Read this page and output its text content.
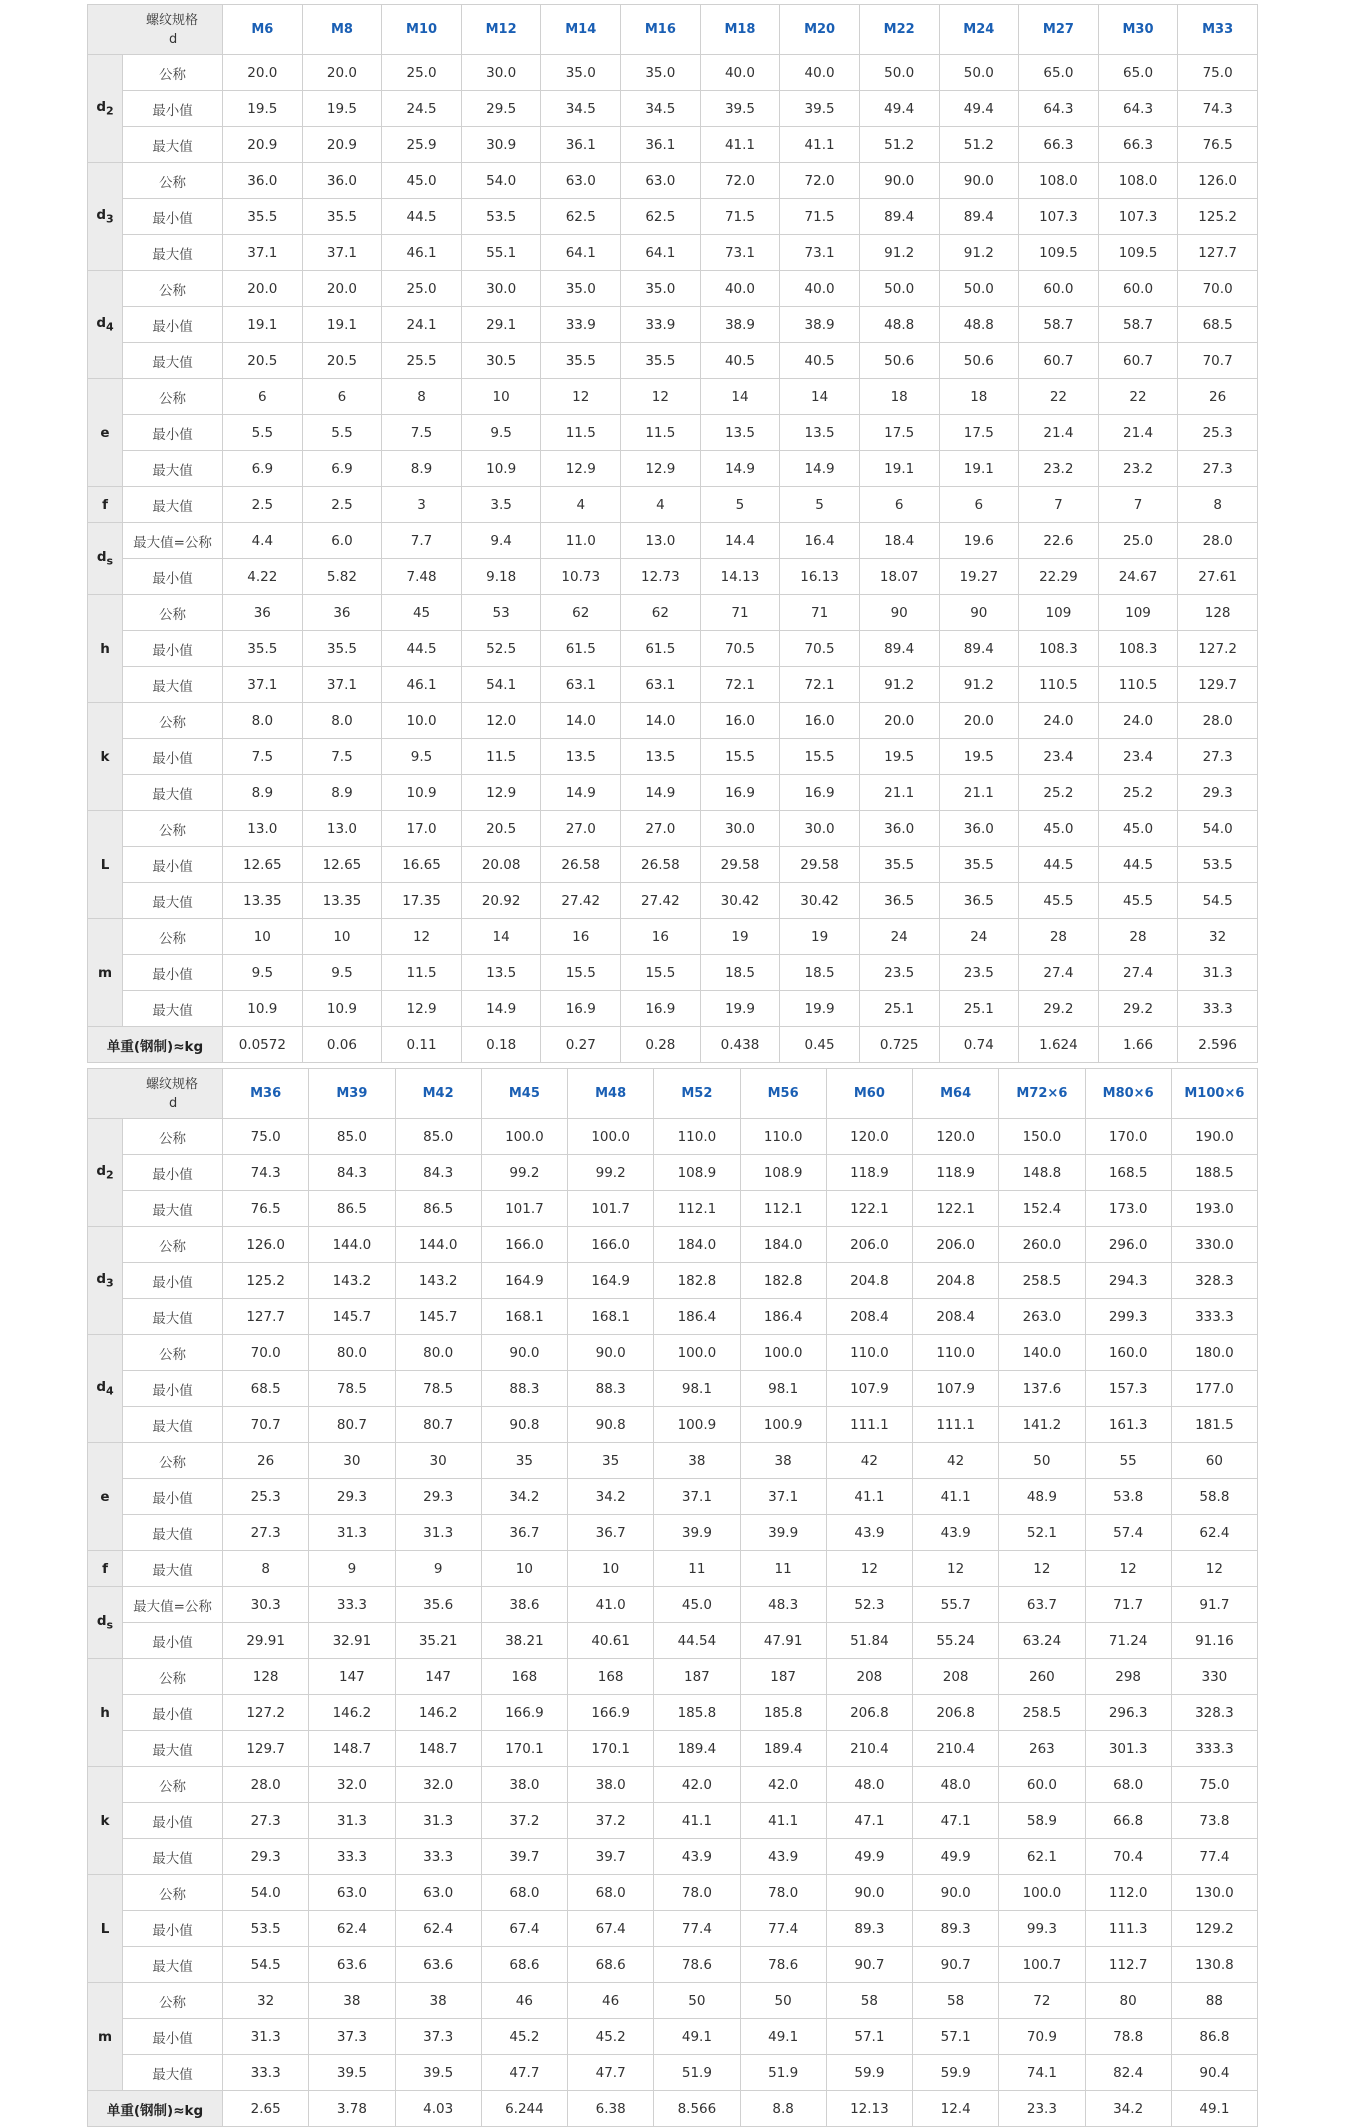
螺纹规格
d		M6	M8	M10	M12	M14	M16	M18	M20	M22	M24	M27	M30	M33
$d_2$	公称	20.0	20.0	25.0	30.0	35.0	35.0	40.0	40.0	50.0	50.0	65.0	65.0	75.0
	最小值	19.5	19.5	24.5	29.5	34.5	34.5	39.5	39.5	49.4	49.4	64.3	64.3	74.3
	最大值	20.9	20.9	25.9	30.9	36.1	36.1	41.1	41.1	51.2	51.2	66.3	66.3	76.5
$d_3$	公称	36.0	36.0	45.0	54.0	63.0	63.0	72.0	72.0	90.0	90.0	108.0	108.0	126.0
	最小值	35.5	35.5	44.5	53.5	62.5	62.5	71.5	71.5	89.4	89.4	107.3	107.3	125.2
	最大值	37.1	37.1	46.1	55.1	64.1	64.1	73.1	73.1	91.2	91.2	109.5	109.5	127.7
$d_4$	公称	20.0	20.0	25.0	30.0	35.0	35.0	40.0	40.0	50.0	50.0	60.0	60.0	70.0
	最小值	19.1	19.1	24.1	29.1	33.9	33.9	38.9	38.9	48.8	48.8	58.7	58.7	68.5
	最大值	20.5	20.5	25.5	30.5	35.5	35.5	40.5	40.5	50.6	50.6	60.7	60.7	70.7
e	公称	6	6	8	10	12	12	14	14	18	18	22	22	26
	最小值	5.5	5.5	7.5	9.5	11.5	11.5	13.5	13.5	17.5	17.5	21.4	21.4	25.3
	最大值	6.9	6.9	8.9	10.9	12.9	12.9	14.9	14.9	19.1	19.1	23.2	23.2	27.3
f	最大值	2.5	2.5	3	3.5	4	4	5	5	6	6	7	7	8
$d_s$	最大值=公称	4.4	6.0	7.7	9.4	11.0	13.0	14.4	16.4	18.4	19.6	22.6	25.0	28.0
	最小值	4.22	5.82	7.48	9.18	10.73	12.73	14.13	16.13	18.07	19.27	22.29	24.67	27.61
h	公称	36	36	45	53	62	62	71	71	90	90	109	109	128
	最小值	35.5	35.5	44.5	52.5	61.5	61.5	70.5	70.5	89.4	89.4	108.3	108.3	127.2
	最大值	37.1	37.1	46.1	54.1	63.1	63.1	72.1	72.1	91.2	91.2	110.5	110.5	129.7
k	公称	8.0	8.0	10.0	12.0	14.0	14.0	16.0	16.0	20.0	20.0	24.0	24.0	28.0
	最小值	7.5	7.5	9.5	11.5	13.5	13.5	15.5	15.5	19.5	19.5	23.4	23.4	27.3
	最大值	8.9	8.9	10.9	12.9	14.9	14.9	16.9	16.9	21.1	21.1	25.2	25.2	29.3
L	公称	13.0	13.0	17.0	20.5	27.0	27.0	30.0	30.0	36.0	36.0	45.0	45.0	54.0
	最小值	12.65	12.65	16.65	20.08	26.58	26.58	29.58	29.58	35.5	35.5	44.5	44.5	53.5
	最大值	13.35	13.35	17.35	20.92	27.42	27.42	30.42	30.42	36.5	36.5	45.5	45.5	54.5
m	公称	10	10	12	14	16	16	19	19	24	24	28	28	32
	最小值	9.5	9.5	11.5	13.5	15.5	15.5	18.5	18.5	23.5	23.5	27.4	27.4	31.3
	最大值	10.9	10.9	12.9	14.9	16.9	16.9	19.9	19.9	25.1	25.1	29.2	29.2	33.3
单重(钢制)≈kg		0.0572	0.06	0.11	0.18	0.27	0.28	0.438	0.45	0.725	0.74	1.624	1.66	2.596
螺纹规格
d		M36	M39	M42	M45	M48	M52	M56	M60	M64	M72×6	M80×6	M100×6
$d_2$	公称	75.0	85.0	85.0	100.0	100.0	110.0	110.0	120.0	120.0	150.0	170.0	190.0
	最小值	74.3	84.3	84.3	99.2	99.2	108.9	108.9	118.9	118.9	148.8	168.5	188.5
	最大值	76.5	86.5	86.5	101.7	101.7	112.1	112.1	122.1	122.1	152.4	173.0	193.0
$d_3$	公称	126.0	144.0	144.0	166.0	166.0	184.0	184.0	206.0	206.0	260.0	296.0	330.0
	最小值	125.2	143.2	143.2	164.9	164.9	182.8	182.8	204.8	204.8	258.5	294.3	328.3
	最大值	127.7	145.7	145.7	168.1	168.1	186.4	186.4	208.4	208.4	263.0	299.3	333.3
$d_4$	公称	70.0	80.0	80.0	90.0	90.0	100.0	100.0	110.0	110.0	140.0	160.0	180.0
	最小值	68.5	78.5	78.5	88.3	88.3	98.1	98.1	107.9	107.9	137.6	157.3	177.0
	最大值	70.7	80.7	80.7	90.8	90.8	100.9	100.9	111.1	111.1	141.2	161.3	181.5
e	公称	26	30	30	35	35	38	38	42	42	50	55	60
	最小值	25.3	29.3	29.3	34.2	34.2	37.1	37.1	41.1	41.1	48.9	53.8	58.8
	最大值	27.3	31.3	31.3	36.7	36.7	39.9	39.9	43.9	43.9	52.1	57.4	62.4
f	最大值	8	9	9	10	10	11	11	12	12	12	12	12
$d_s$	最大值=公称	30.3	33.3	35.6	38.6	41.0	45.0	48.3	52.3	55.7	63.7	71.7	91.7
	最小值	29.91	32.91	35.21	38.21	40.61	44.54	47.91	51.84	55.24	63.24	71.24	91.16
h	公称	128	147	147	168	168	187	187	208	208	260	298	330
	最小值	127.2	146.2	146.2	166.9	166.9	185.8	185.8	206.8	206.8	258.5	296.3	328.3
	最大值	129.7	148.7	148.7	170.1	170.1	189.4	189.4	210.4	210.4	263	301.3	333.3
k	公称	28.0	32.0	32.0	38.0	38.0	42.0	42.0	48.0	48.0	60.0	68.0	75.0
	最小值	27.3	31.3	31.3	37.2	37.2	41.1	41.1	47.1	47.1	58.9	66.8	73.8
	最大值	29.3	33.3	33.3	39.7	39.7	43.9	43.9	49.9	49.9	62.1	70.4	77.4
L	公称	54.0	63.0	63.0	68.0	68.0	78.0	78.0	90.0	90.0	100.0	112.0	130.0
	最小值	53.5	62.4	62.4	67.4	67.4	77.4	77.4	89.3	89.3	99.3	111.3	129.2
	最大值	54.5	63.6	63.6	68.6	68.6	78.6	78.6	90.7	90.7	100.7	112.7	130.8
m	公称	32	38	38	46	46	50	50	58	58	72	80	88
	最小值	31.3	37.3	37.3	45.2	45.2	49.1	49.1	57.1	57.1	70.9	78.8	86.8
	最大值	33.3	39.5	39.5	47.7	47.7	51.9	51.9	59.9	59.9	74.1	82.4	90.4
单重(钢制)≈kg		2.65	3.78	4.03	6.244	6.38	8.566	8.8	12.13	12.4	23.3	34.2	49.1
